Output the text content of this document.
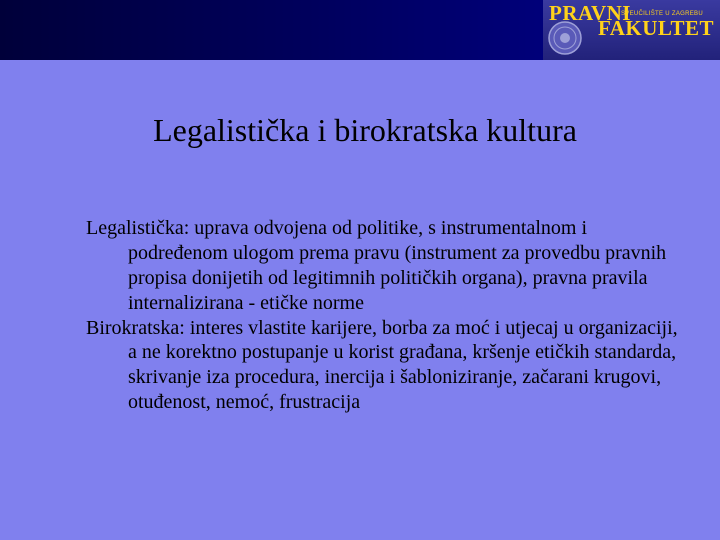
PRAVNI
SVEUČILIŠTE U ZAGREBU
FAKULTET
Legalistička i birokratska kultura

Legalistička: uprava odvojena od politike, s instrumentalnom i podređenom ulogom prema pravu (instrument za provedbu pravnih propisa donijetih od legitimnih političkih organa), pravna pravila internalizirana - etičke norme

Birokratska: interes vlastite karijere, borba za moć i utjecaj u organizaciji, a ne korektno postupanje u korist građana, kršenje etičkih standarda, skrivanje iza procedura, inercija i šabloniziranje, začarani krugovi, otuđenost, nemoć, frustracija
